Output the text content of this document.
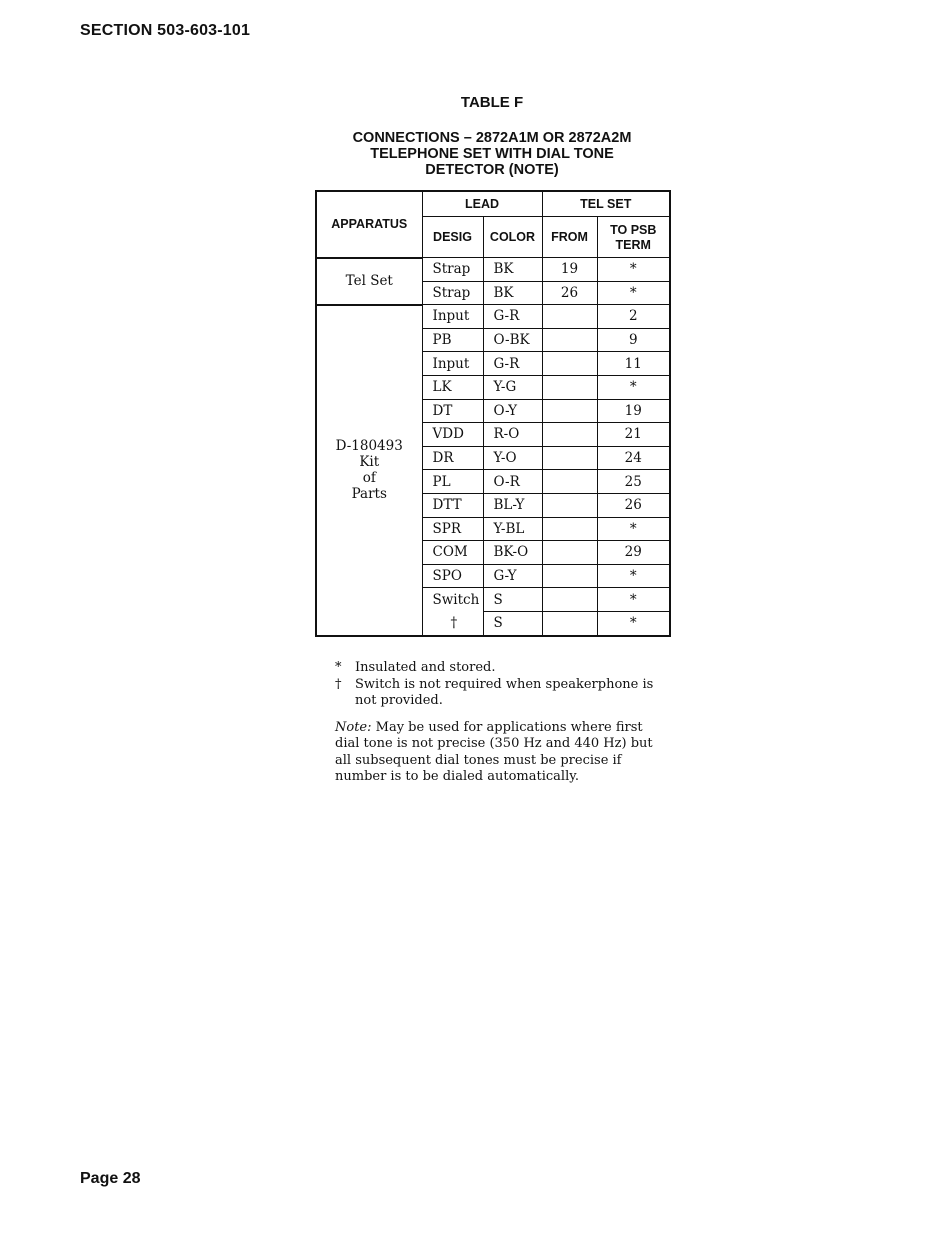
SECTION 503-603-101
TABLE F
CONNECTIONS – 2872A1M OR 2872A2M
TELEPHONE SET WITH DIAL TONE
DETECTOR (NOTE)
APPARATUS	LEAD		TEL SET	
	DESIG	COLOR	FROM	TO PSB
TERM

Tel Set	Strap	BK	19	*
	Strap	BK	26	*

D-180493
Kit
of
Parts	Input	G-R		2
	PB	O-BK		9
	Input	G-R		11
	LK	Y-G		*
	DT	O-Y		19
	VDD	R-O		21
	DR	Y-O		24
	PL	O-R		25
	DTT	BL-Y		26
	SPR	Y-BL		*
	COM	BK-O		29
	SPO	G-Y		*
	Switch	S		*
	†	S		*
*	Insulated and stored.
†	Switch is not required when speakerphone is not provided.
Note: May be used for applications where first dial tone is not precise (350 Hz and 440 Hz) but all subsequent dial tones must be precise if number is to be dialed automatically.
Page 28
